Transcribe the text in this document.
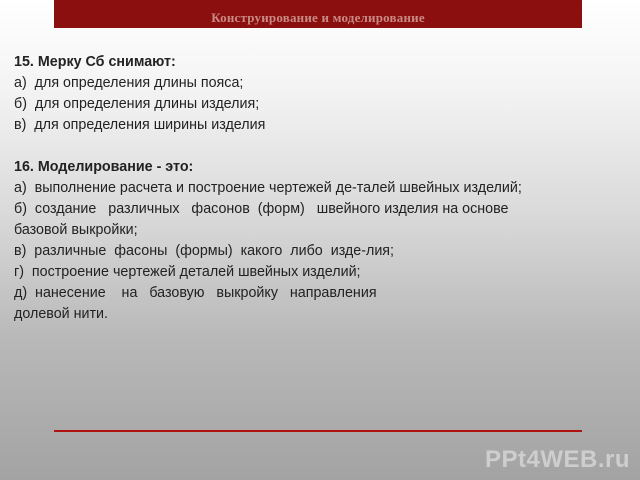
Конструирование и моделирование
15. Мерку Сб снимают:
а)  для определения длины пояса;
б)  для определения длины изделия;
в)  для определения ширины изделия
16. Моделирование - это:
а)  выполнение расчета и построение чертежей де-талей швейных изделий;
б)  создание   различных   фасонов  (форм)   швейного изделия на основе
базовой выкройки;
в)  различные  фасоны  (формы)  какого  либо  изде-лия;
г)  построение чертежей деталей швейных изделий;
д)  нанесение    на   базовую   выкройку   направления
долевой нити.
PPt4WEB.ru
